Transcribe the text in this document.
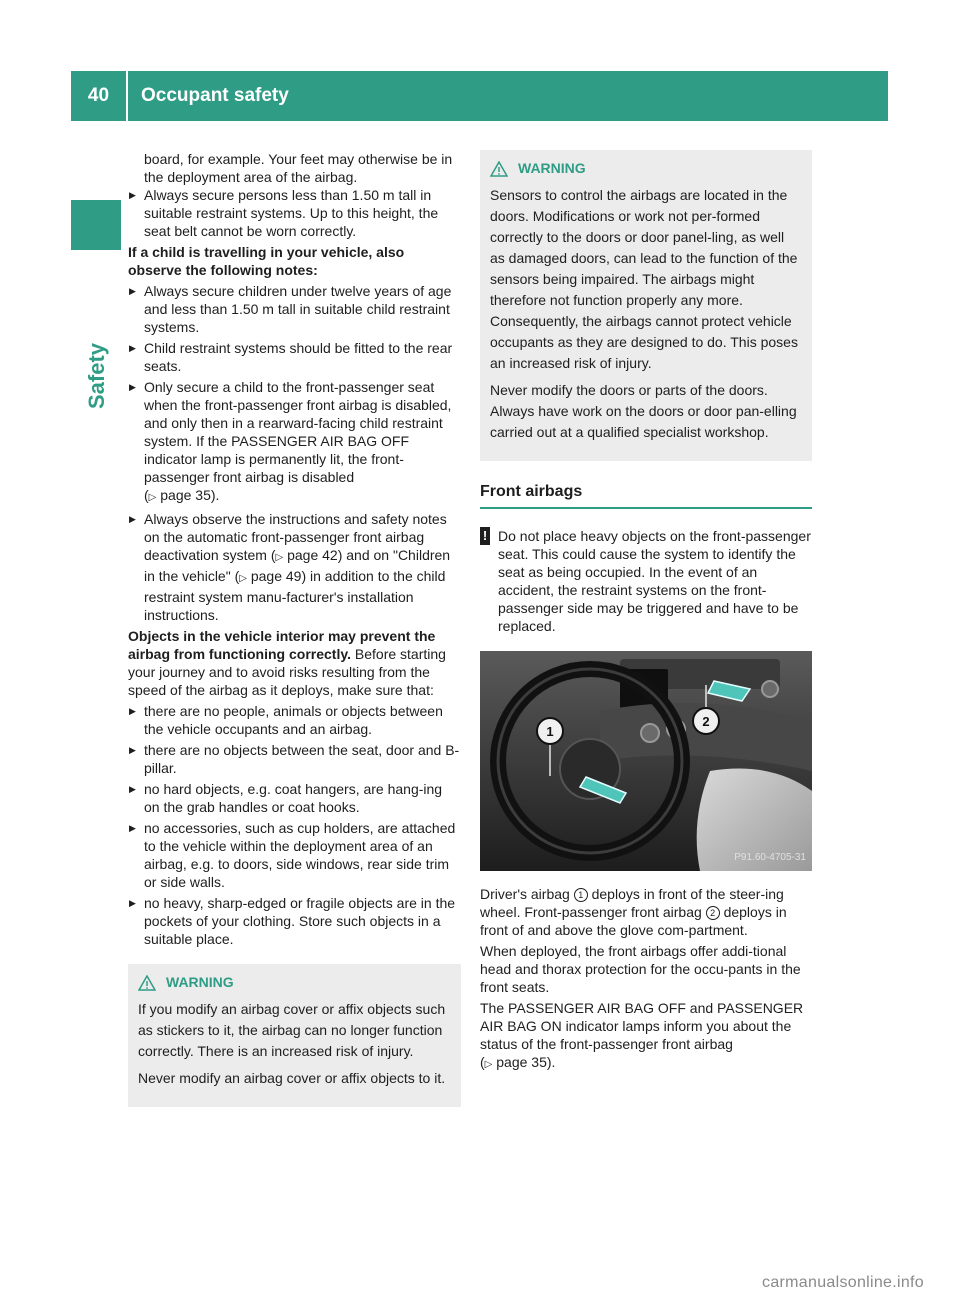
40	Occupant safety
Safety
board, for example. Your feet may otherwise be in the deployment area of the airbag.
▶ Always secure persons less than 1.50 m tall in suitable restraint systems. Up to this height, the seat belt cannot be worn correctly.

If a child is travelling in your vehicle, also observe the following notes:

▶ Always secure children under twelve years of age and less than 1.50 m tall in suitable child restraint systems.
▶ Child restraint systems should be fitted to the rear seats.
▶ Only secure a child to the front-passenger seat when the front-passenger front airbag is disabled, and only then in a rearward-facing child restraint system. If the PASSENGER AIR BAG OFF indicator lamp is permanently lit, the front-passenger front airbag is disabled
(▷ page 35).
▶ Always observe the instructions and safety notes on the automatic front-passenger front airbag deactivation system (▷ page 42) and on "Children in the vehicle" (▷ page 49) in addition to the child restraint system manu-facturer's installation instructions.

Objects in the vehicle interior may prevent the airbag from functioning correctly. Before starting your journey and to avoid risks resulting from the speed of the airbag as it deploys, make sure that:

▶ there are no people, animals or objects between the vehicle occupants and an airbag.
▶ there are no objects between the seat, door and B-pillar.
▶ no hard objects, e.g. coat hangers, are hang-ing on the grab handles or coat hooks.
▶ no accessories, such as cup holders, are attached to the vehicle within the deployment area of an airbag, e.g. to doors, side windows, rear side trim or side walls.
▶ no heavy, sharp-edged or fragile objects are in the pockets of your clothing. Store such objects in a suitable place.
WARNING

If you modify an airbag cover or affix objects such as stickers to it, the airbag can no longer function correctly. There is an increased risk of injury.

Never modify an airbag cover or affix objects to it.

WARNING

Sensors to control the airbags are located in the doors. Modifications or work not per-formed correctly to the doors or door panel-ling, as well as damaged doors, can lead to the function of the sensors being impaired. The airbags might therefore not function properly any more. Consequently, the airbags cannot protect vehicle occupants as they are designed to do. This poses an increased risk of injury.

Never modify the doors or parts of the doors. Always have work on the doors or door pan-elling carried out at a qualified specialist workshop.

Front airbags
! Do not place heavy objects on the front-passenger seat. This could cause the system to identify the seat as being occupied. In the event of an accident, the restraint systems on the front-passenger side may be triggered and have to be replaced.
1
2
P91.60-4705-31

Driver's airbag 1 deploys in front of the steer-ing wheel. Front-passenger front airbag 2 deploys in front of and above the glove com-partment.

When deployed, the front airbags offer addi-tional head and thorax protection for the occu-pants in the front seats.

The PASSENGER AIR BAG OFF and PASSENGER AIR BAG ON indicator lamps inform you about the status of the front-passenger front airbag
(▷ page 35).

carmanualsonline.info
